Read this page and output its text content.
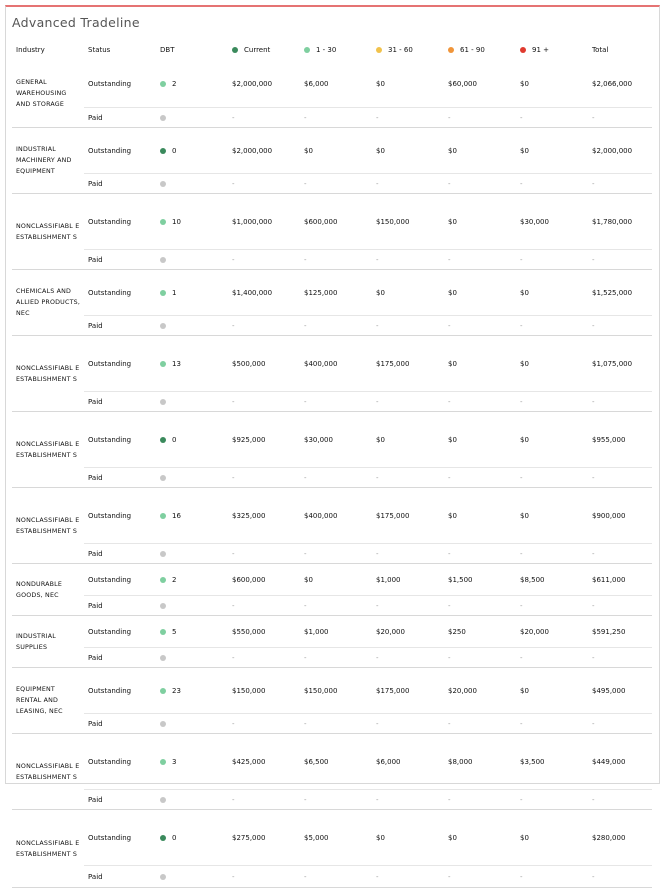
Advanced Tradeline
Industry	Status	DBT	Current	1 - 30	31 - 60	61 - 90	91 +	Total
GENERAL WAREHOUSING AND STORAGE	Outstanding	2	$2,000,000	$6,000	$0	$60,000	$0	$2,066,000
	Paid		-	-	-	-	-	-
INDUSTRIAL MACHINERY AND EQUIPMENT	Outstanding	0	$2,000,000	$0	$0	$0	$0	$2,000,000
	Paid		-	-	-	-	-	-
NONCLASSIFIABL E ESTABLISHMENT S	Outstanding	10	$1,000,000	$600,000	$150,000	$0	$30,000	$1,780,000
	Paid		-	-	-	-	-	-
CHEMICALS AND ALLIED PRODUCTS, NEC	Outstanding	1	$1,400,000	$125,000	$0	$0	$0	$1,525,000
	Paid		-	-	-	-	-	-
NONCLASSIFIABL E ESTABLISHMENT S	Outstanding	13	$500,000	$400,000	$175,000	$0	$0	$1,075,000
	Paid		-	-	-	-	-	-
NONCLASSIFIABL E ESTABLISHMENT S	Outstanding	0	$925,000	$30,000	$0	$0	$0	$955,000
	Paid		-	-	-	-	-	-
NONCLASSIFIABL E ESTABLISHMENT S	Outstanding	16	$325,000	$400,000	$175,000	$0	$0	$900,000
	Paid		-	-	-	-	-	-
NONDURABLE GOODS, NEC	Outstanding	2	$600,000	$0	$1,000	$1,500	$8,500	$611,000
	Paid		-	-	-	-	-	-
INDUSTRIAL SUPPLIES	Outstanding	5	$550,000	$1,000	$20,000	$250	$20,000	$591,250
	Paid		-	-	-	-	-	-
EQUIPMENT RENTAL AND LEASING, NEC	Outstanding	23	$150,000	$150,000	$175,000	$20,000	$0	$495,000
	Paid		-	-	-	-	-	-
NONCLASSIFIABL E ESTABLISHMENT S	Outstanding	3	$425,000	$6,500	$6,000	$8,000	$3,500	$449,000
	Paid		-	-	-	-	-	-
NONCLASSIFIABL E ESTABLISHMENT S	Outstanding	0	$275,000	$5,000	$0	$0	$0	$280,000
	Paid		-	-	-	-	-	-
